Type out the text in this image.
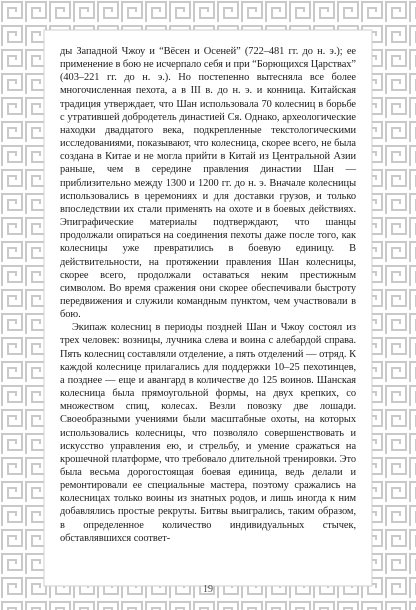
ды Западной Чжоу и “Вёсен и Осеней” (722–481 гг. до н. э.); ее применение в бою не исчерпало себя и при “Борющихся Царствах” (403–221 гг. до н. э.). Но постепенно вытесняла все более многочисленная пехота, а в III в. до н. э. и конница. Китайская традиция утверждает, что Шан использовала 70 колесниц в борьбе с утратившей добродетель династией Ся. Однако, археологические находки двадцатого века, подкрепленные текстологическими исследованиями, показывают, что колесница, скорее всего, не была создана в Китае и не могла прийти в Китай из Центральной Азии раньше, чем в середине правления династии Шан — приблизительно между 1300 и 1200 гг. до н. э. Вначале колесницы использовались в церемониях и для доставки грузов, и только впоследствии их стали применять на охоте и в боевых действиях. Эпиграфические материалы подтверждают, что шанцы продолжали опираться на соединения пехоты даже после того, как колесницы уже превратились в боевую единицу. В действительности, на протяжении правления Шан колесницы, скорее всего, продолжали оставаться неким престижным символом. Во время сражения они скорее обеспечивали быстроту передвижения и служили командным пунктом, чем участвовали в бою.

Экипаж колесниц в периоды поздней Шан и Чжоу состоял из трех человек: возницы, лучника слева и воина с алебардой справа. Пять колесниц составляли отделение, а пять отделений — отряд. К каждой колеснице прилагались для поддержки 10–25 пехотинцев, а позднее — еще и авангард в количестве до 125 воинов. Шанская колесница была прямоугольной формы, на двух крепких, со множеством спиц, колесах. Везли повозку две лошади. Своеобразными учениями были масштабные охоты, на которых использовались колесницы, что позволяло совершенствовать и искусство управления ею, и стрельбу, и умение сражаться на крошечной платформе, что требовало длительной тренировки. Это была весьма дорогостоящая боевая единица, ведь делали и ремонтировали ее специальные мастера, поэтому сражались на колесницах только воины из знатных родов, и лишь иногда к ним добавлялись простые рекруты. Битвы выигрались, таким образом, в определенное количество индивидуальных стычек, обставлявшихся соответ-

19
